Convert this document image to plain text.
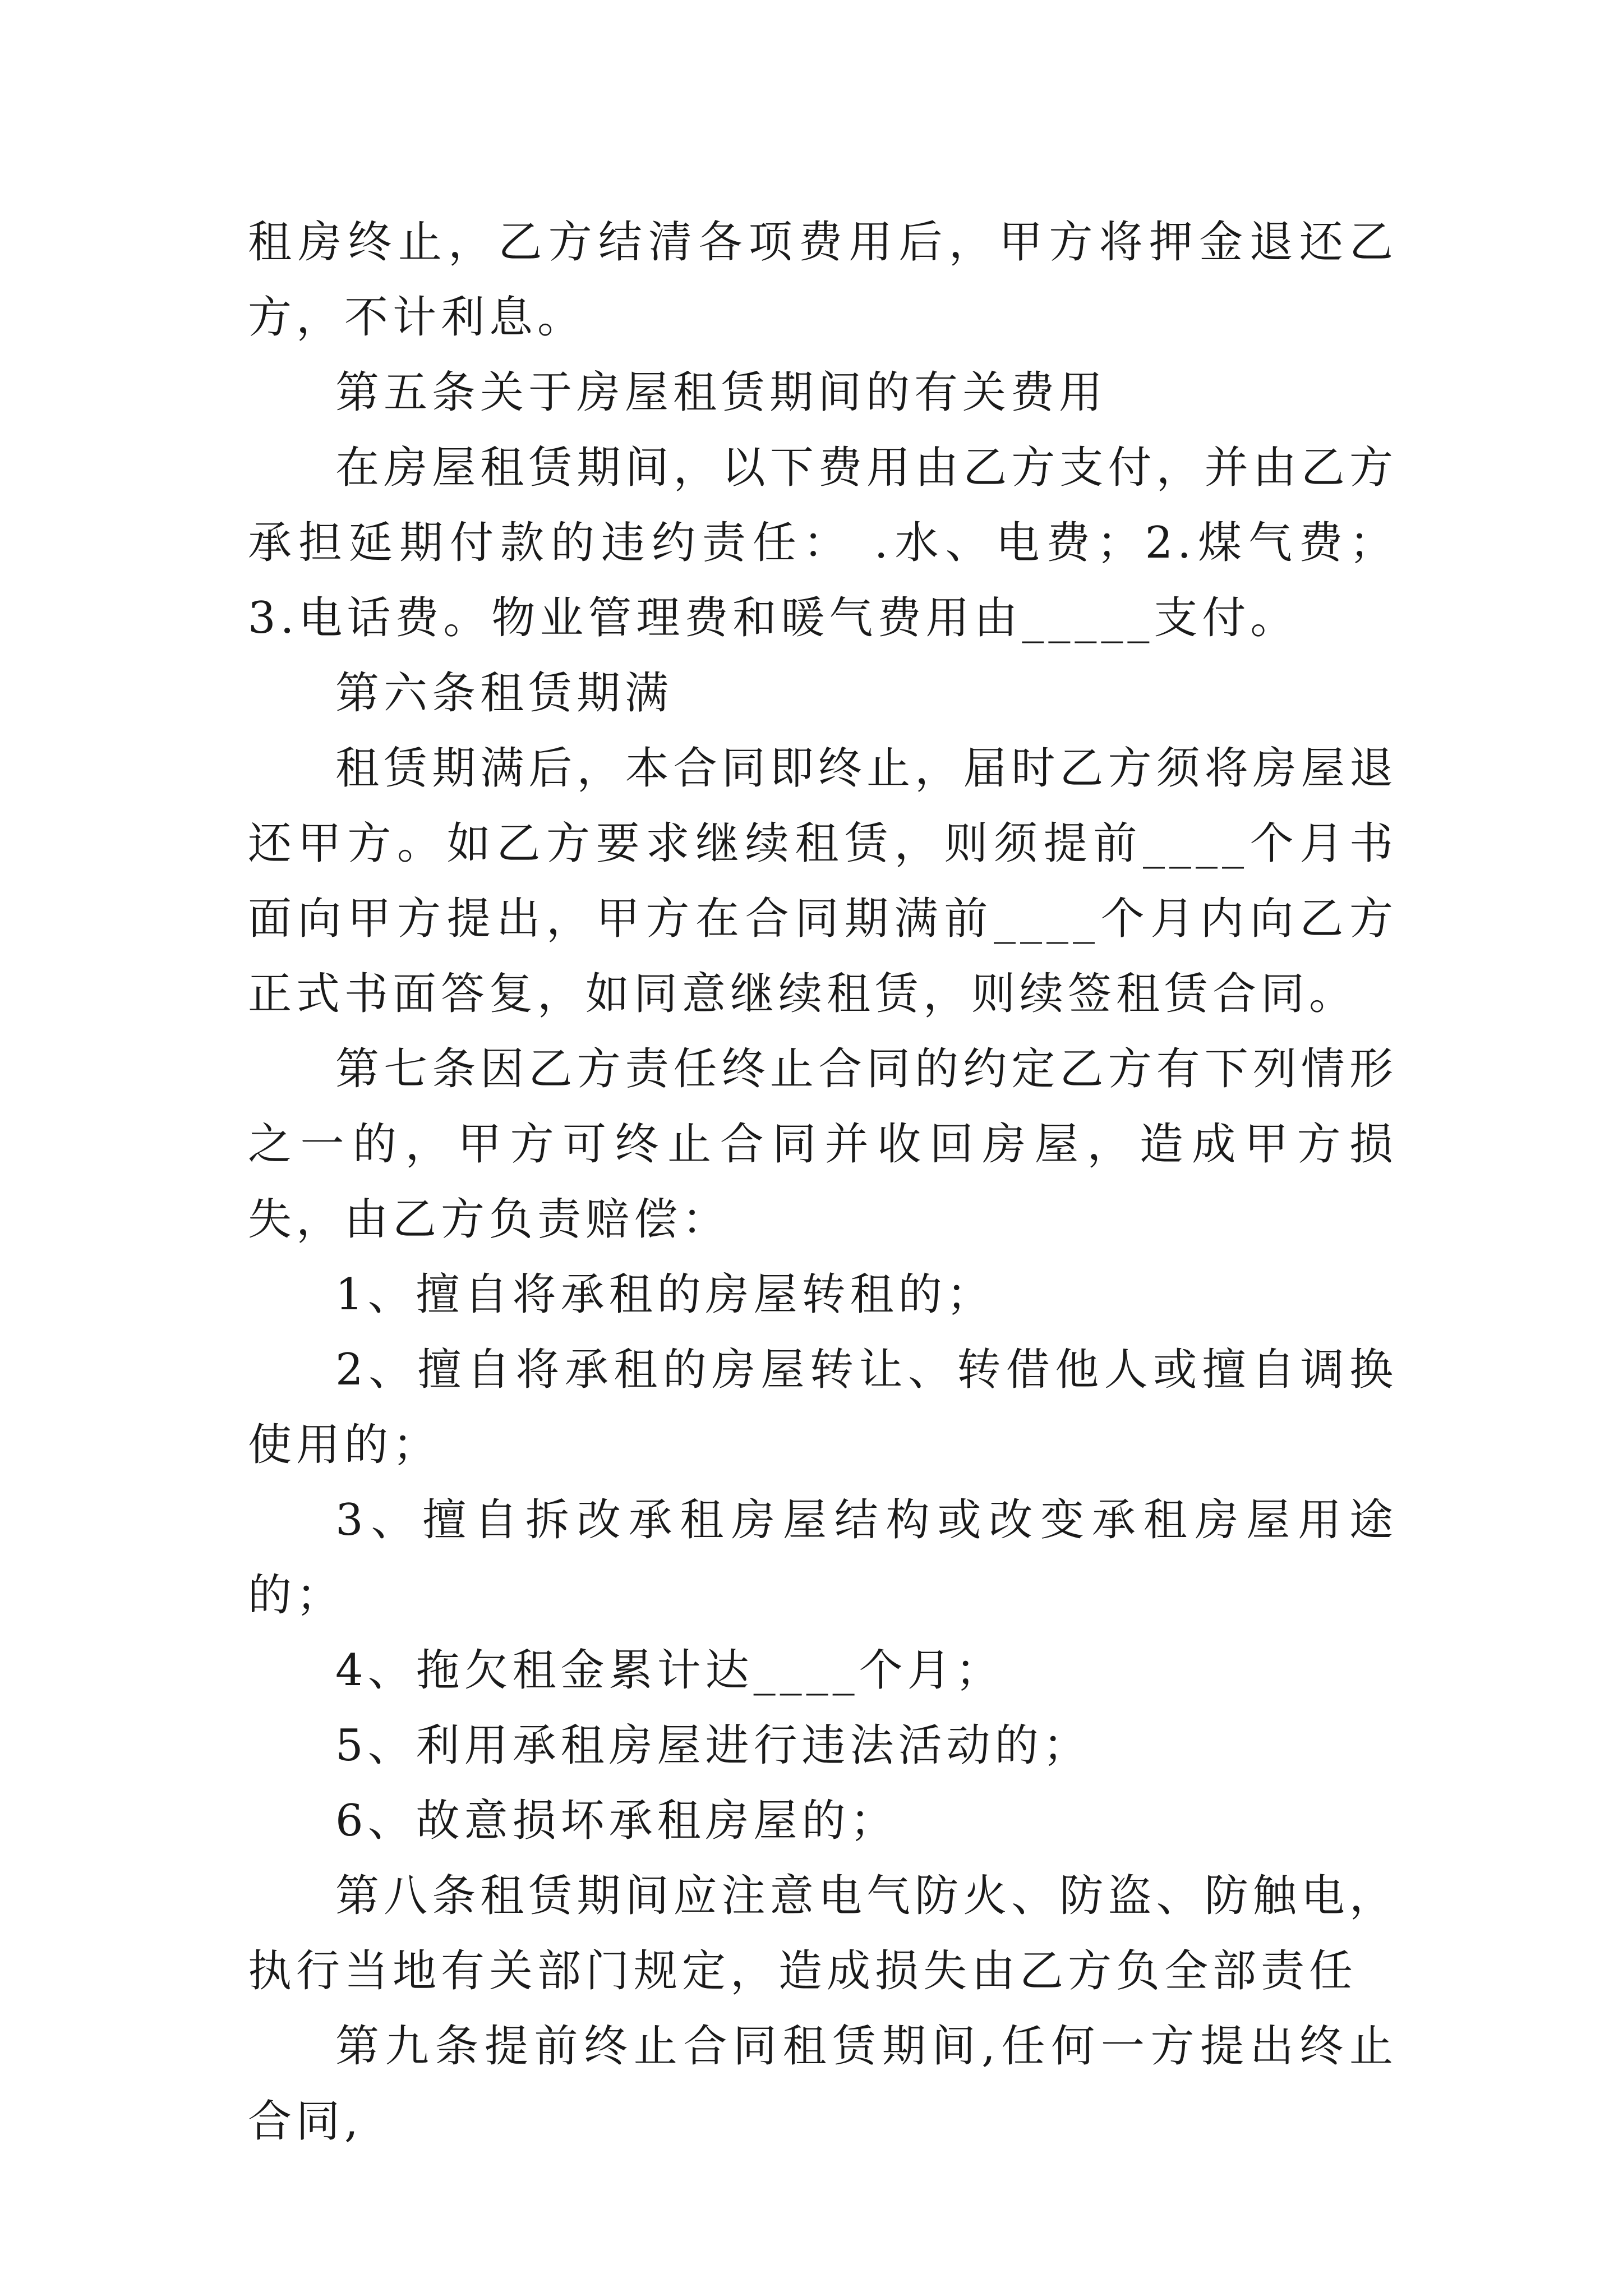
租房终止，乙方结清各项费用后，甲方将押金退还乙方，不计利息。

第五条关于房屋租赁期间的有关费用

在房屋租赁期间，以下费用由乙方支付，并由乙方承担延期付款的违约责任： .水、电费；2.煤气费；3.电话费。物业管理费和暖气费用由_____支付。

第六条租赁期满

租赁期满后，本合同即终止，届时乙方须将房屋退还甲方。如乙方要求继续租赁，则须提前____个月书面向甲方提出，甲方在合同期满前____个月内向乙方正式书面答复，如同意继续租赁，则续签租赁合同。

第七条因乙方责任终止合同的约定乙方有下列情形之一的，甲方可终止合同并收回房屋，造成甲方损失，由乙方负责赔偿：

1、擅自将承租的房屋转租的；

2、擅自将承租的房屋转让、转借他人或擅自调换使用的；

3、擅自拆改承租房屋结构或改变承租房屋用途的；

4、拖欠租金累计达____个月；

5、利用承租房屋进行违法活动的；

6、故意损坏承租房屋的；

第八条租赁期间应注意电气防火、防盗、防触电，执行当地有关部门规定，造成损失由乙方负全部责任

第九条提前终止合同租赁期间,任何一方提出终止合同,
